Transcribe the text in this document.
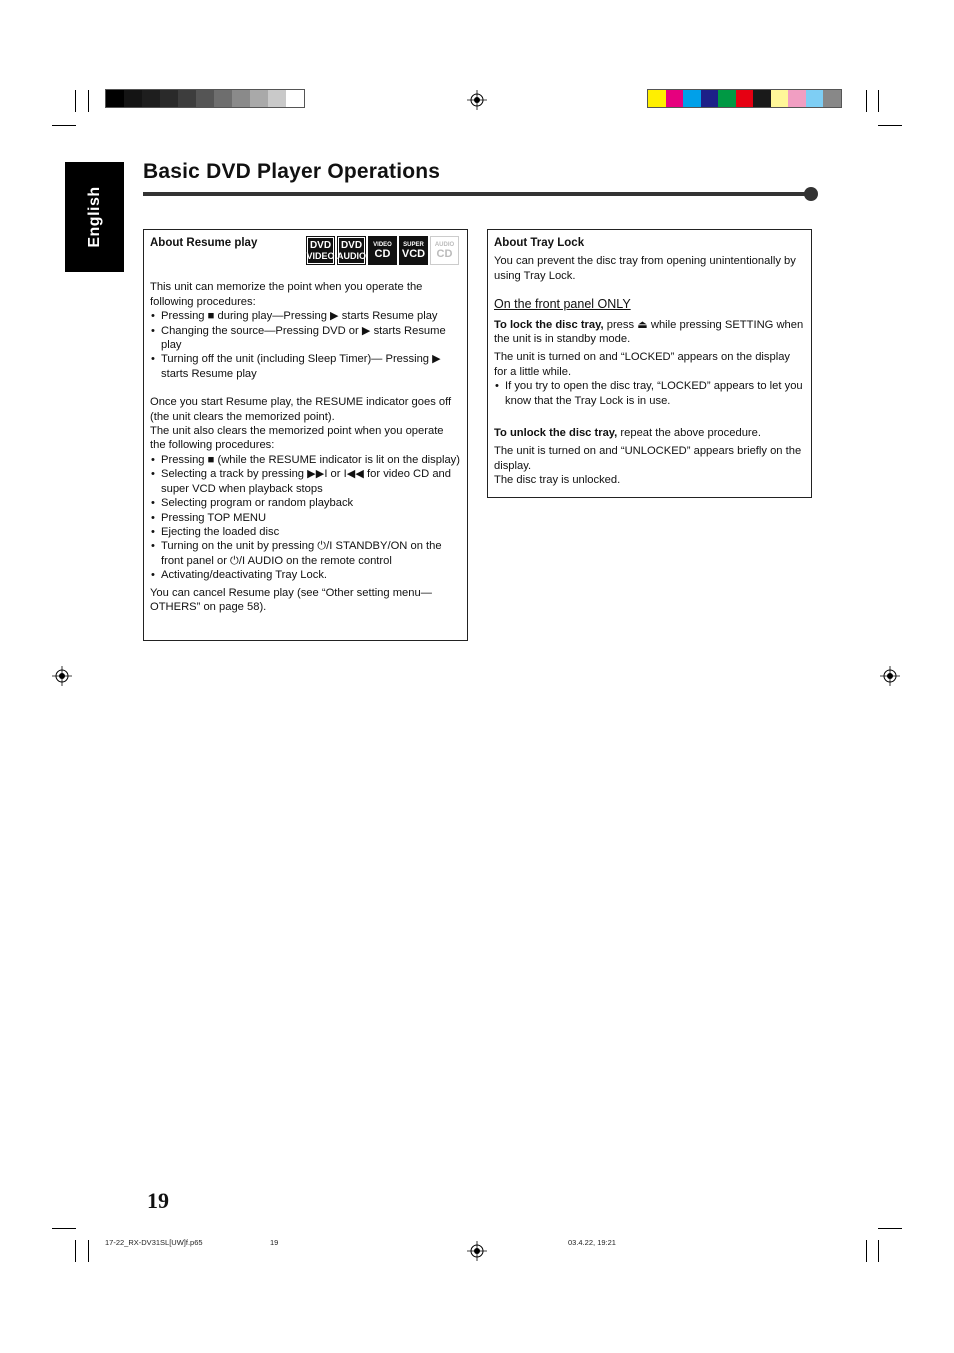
English
Basic DVD Player Operations
About Resume play	DVD
VIDEO
DVD
AUDIO
VIDEO
CD
SUPER
VCD
AUDIO
CD

This unit can memorize the point when you operate the following procedures:

• Pressing ■ during play—Pressing ▶ starts Resume play
• Changing the source—Pressing DVD or ▶ starts Resume play
• Turning off the unit (including Sleep Timer)— Pressing ▶ starts Resume play

Once you start Resume play, the RESUME indicator goes off (the unit clears the memorized point).

The unit also clears the memorized point when you operate the following procedures:

• Pressing ■ (while the RESUME indicator is lit on the display)
• Selecting a track by pressing ▶▶I or I◀◀ for video CD and super VCD when playback stops
• Selecting program or random playback
• Pressing TOP MENU
• Ejecting the loaded disc
• Turning on the unit by pressing ⏻/I STANDBY/ON on the front panel or ⏻/I AUDIO on the remote control
• Activating/deactivating Tray Lock.

You can cancel Resume play (see “Other setting menu—OTHERS” on page 58).

About Tray Lock

You can prevent the disc tray from opening unintentionally by using Tray Lock.

On the front panel ONLY

To lock the disc tray, press ⏏ while pressing SETTING when the unit is in standby mode.

The unit is turned on and “LOCKED” appears on the display for a little while.

• If you try to open the disc tray, “LOCKED” appears to let you know that the Tray Lock is in use.

To unlock the disc tray, repeat the above procedure.

The unit is turned on and “UNLOCKED” appears briefly on the display.

The disc tray is unlocked.

19
17-22_RX-DV31SL[UW]f.p65	19	03.4.22, 19:21
